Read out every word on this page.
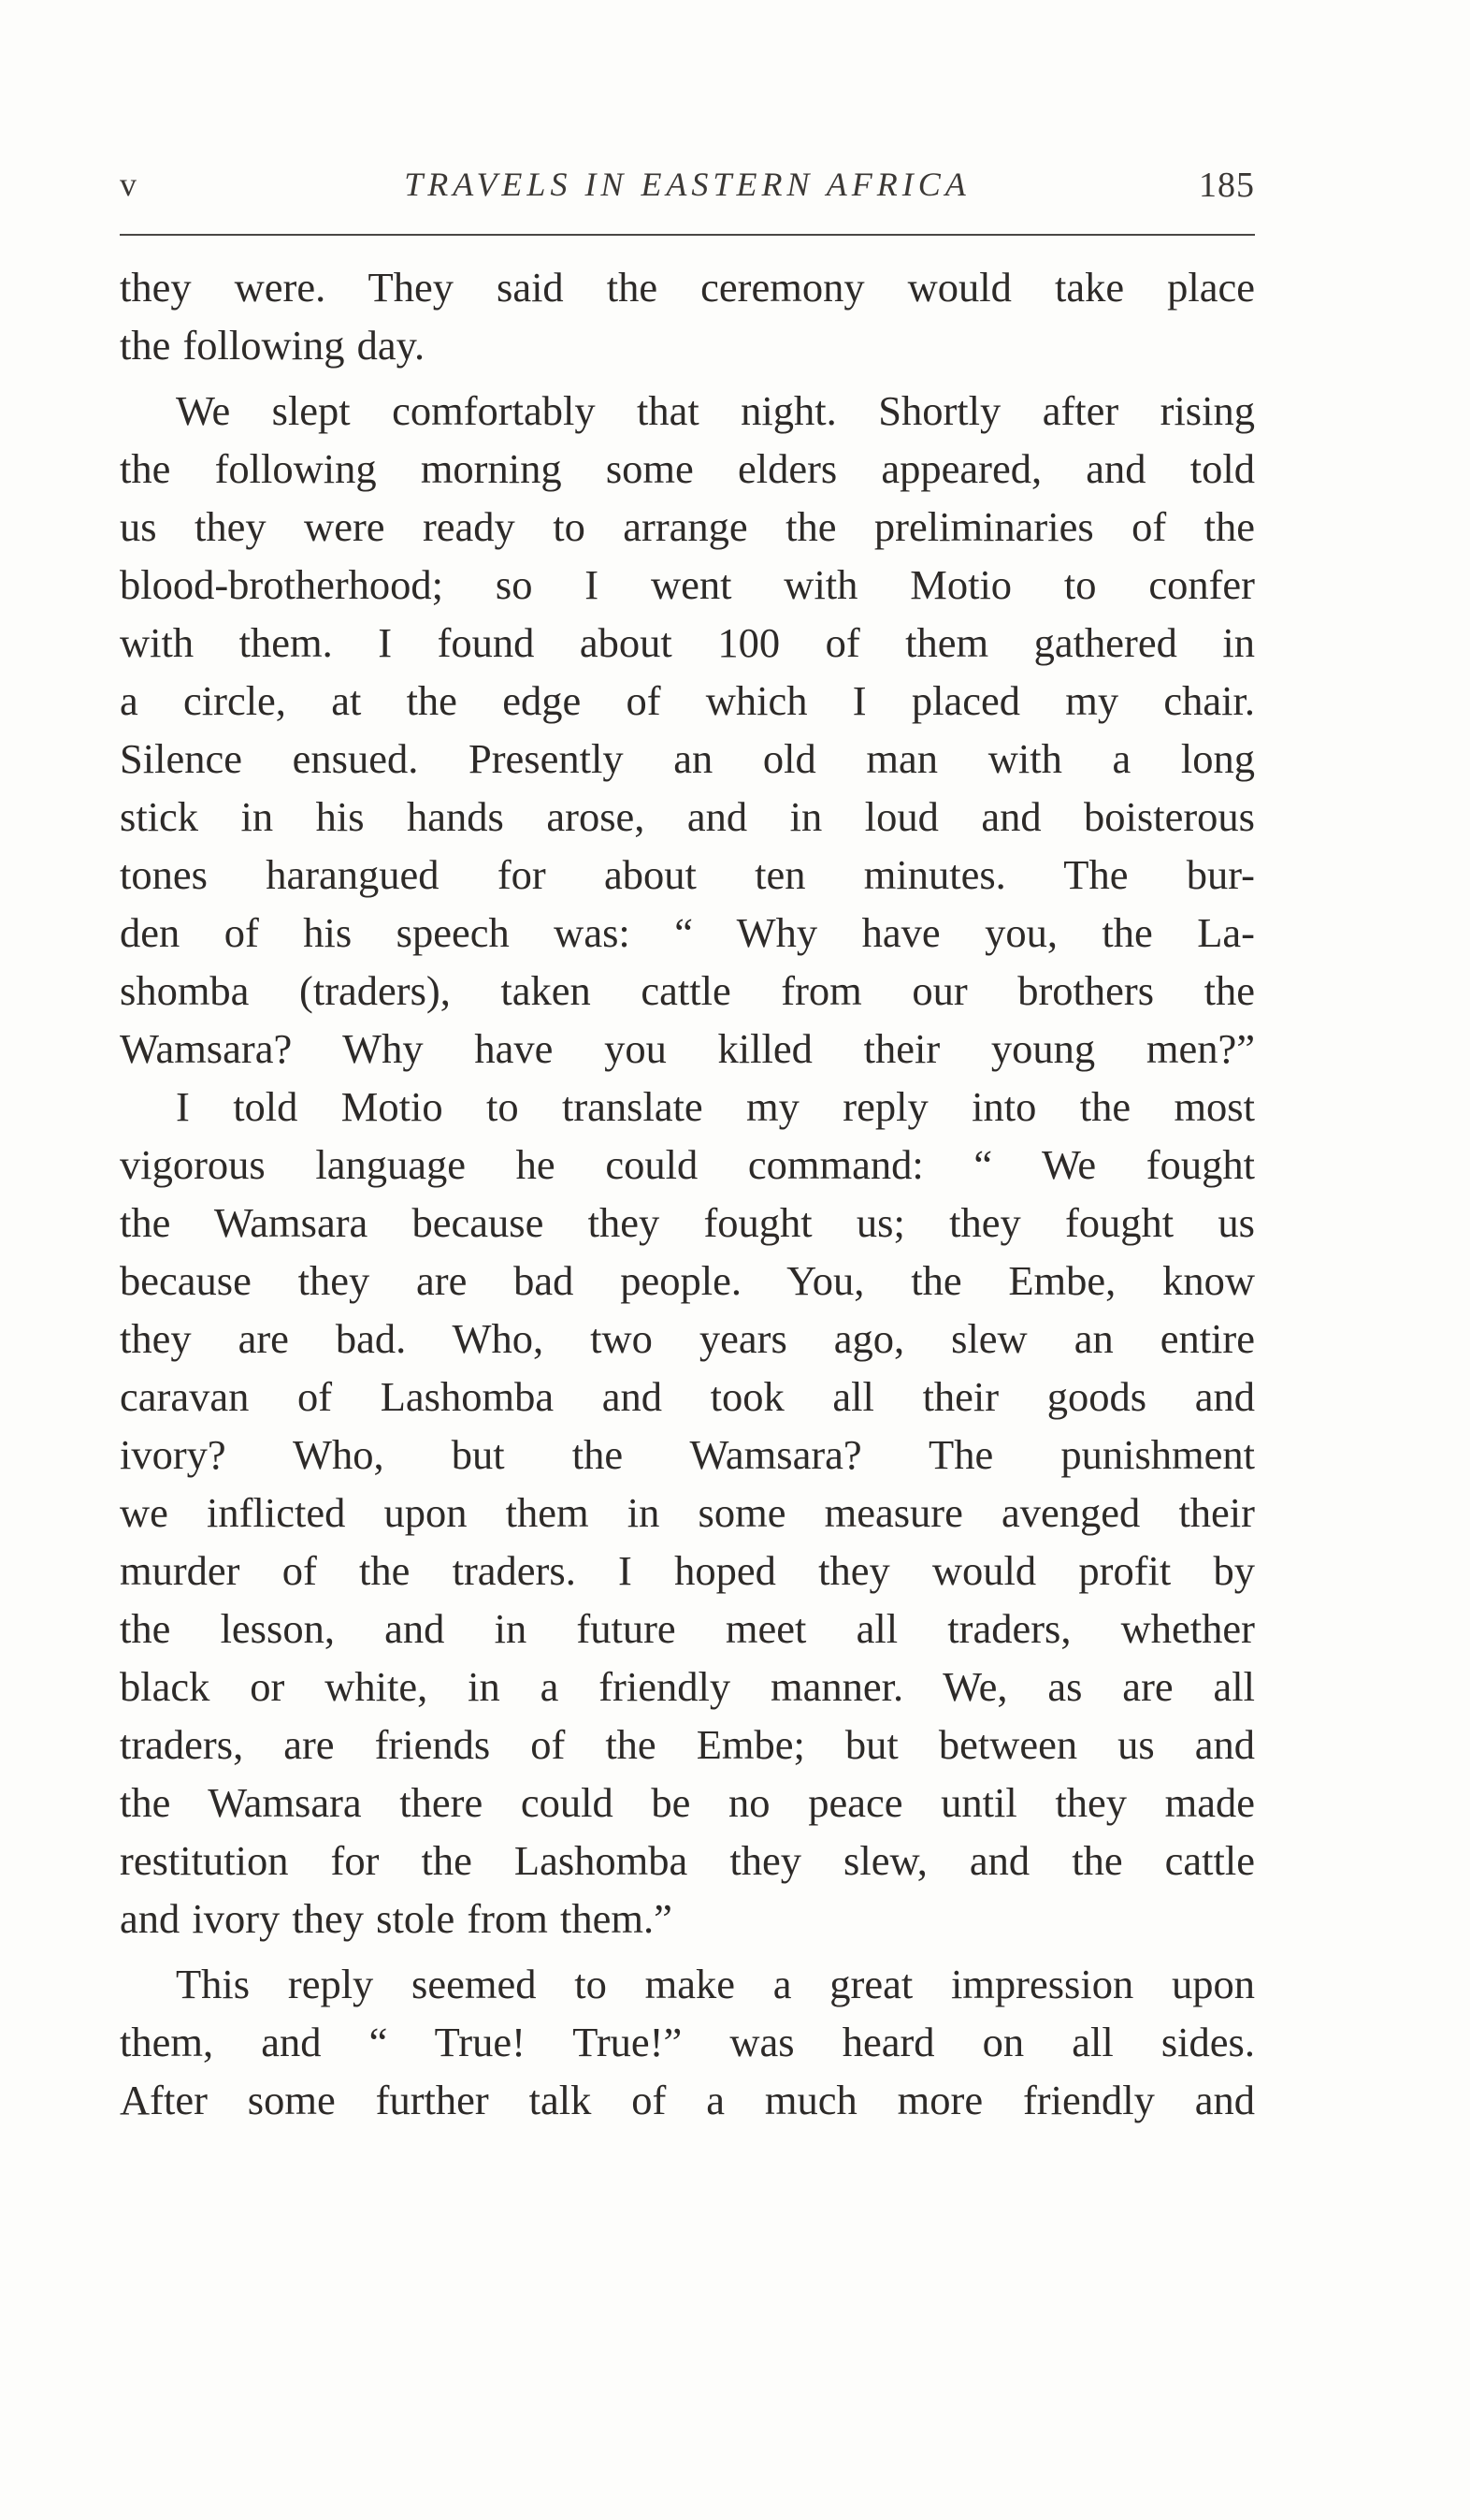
v	TRAVELS IN EASTERN AFRICA	185
they were. They said the ceremony would take place
the following day.
We slept comfortably that night. Shortly after rising
the following morning some elders appeared, and told
us they were ready to arrange the preliminaries of the
blood-brotherhood; so I went with Motio to confer
with them. I found about 100 of them gathered in
a circle, at the edge of which I placed my chair.
Silence ensued. Presently an old man with a long
stick in his hands arose, and in loud and boisterous
tones harangued for about ten minutes. The bur-
den of his speech was: “ Why have you, the La-
shomba (traders), taken cattle from our brothers the
Wamsara? Why have you killed their young men?”
I told Motio to translate my reply into the most
vigorous language he could command: “ We fought
the Wamsara because they fought us; they fought us
because they are bad people. You, the Embe, know
they are bad. Who, two years ago, slew an entire
caravan of Lashomba and took all their goods and
ivory? Who, but the Wamsara? The punishment
we inflicted upon them in some measure avenged their
murder of the traders. I hoped they would profit by
the lesson, and in future meet all traders, whether
black or white, in a friendly manner. We, as are all
traders, are friends of the Embe; but between us and
the Wamsara there could be no peace until they made
restitution for the Lashomba they slew, and the cattle
and ivory they stole from them.”
This reply seemed to make a great impression upon
them, and “ True! True!” was heard on all sides.
After some further talk of a much more friendly and
